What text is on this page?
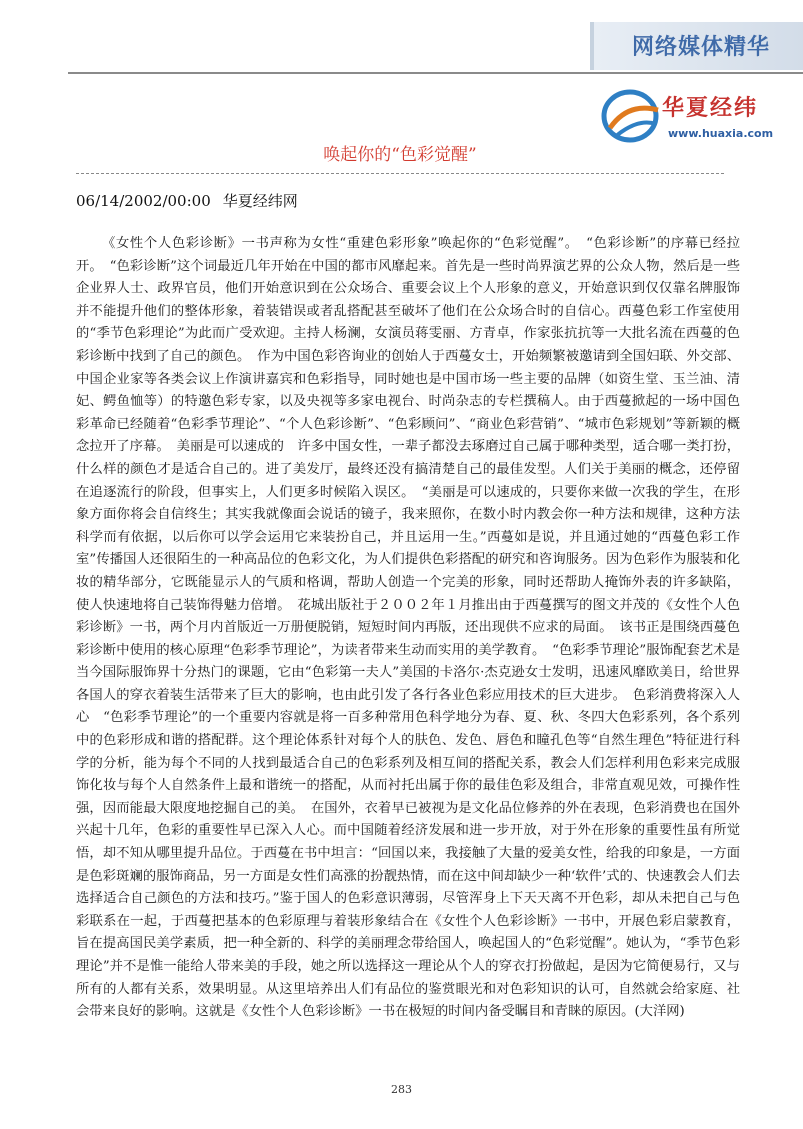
网络媒体精华
华夏经纬
www.huaxia.com
唤起你的“色彩觉醒”
06/14/2002/00:00 华夏经纬网
《女性个人色彩诊断》一书声称为女性“重建色彩形象”唤起你的“色彩觉醒”。　“色彩诊断”的序幕已经拉开。　“色彩诊断”这个词最近几年开始在中国的都市风靡起来。首先是一些时尚界演艺界的公众人物，然后是一些企业界人士、政界官员，他们开始意识到在公众场合、重要会议上个人形象的意义，开始意识到仅仅靠名牌服饰并不能提升他们的整体形象，着装错误或者乱搭配甚至破坏了他们在公众场合时的自信心。西蔓色彩工作室使用的“季节色彩理论”为此而广受欢迎。主持人杨澜，女演员蒋雯丽、方青卓，作家张抗抗等一大批名流在西蔓的色彩诊断中找到了自己的颜色。　作为中国色彩咨询业的创始人于西蔓女士，开始频繁被邀请到全国妇联、外交部、中国企业家等各类会议上作演讲嘉宾和色彩指导，同时她也是中国市场一些主要的品牌（如资生堂、玉兰油、清妃、鳄鱼恤等）的特邀色彩专家，以及央视等多家电视台、时尚杂志的专栏撰稿人。由于西蔓掀起的一场中国色彩革命已经随着“色彩季节理论”、“个人色彩诊断”、“色彩顾问”、“商业色彩营销”、“城市色彩规划”等新颖的概念拉开了序幕。　美丽是可以速成的　许多中国女性，一辈子都没去琢磨过自己属于哪种类型，适合哪一类打扮，什么样的颜色才是适合自己的。进了美发厅，最终还没有搞清楚自己的最佳发型。人们关于美丽的概念，还停留在追逐流行的阶段，但事实上，人们更多时候陷入误区。　“美丽是可以速成的，只要你来做一次我的学生，在形象方面你将会自信终生；其实我就像面会说话的镜子，我来照你，在数小时内教会你一种方法和规律，这种方法科学而有依据，以后你可以学会运用它来装扮自己，并且运用一生。”西蔓如是说，并且通过她的“西蔓色彩工作室”传播国人还很陌生的一种高品位的色彩文化，为人们提供色彩搭配的研究和咨询服务。因为色彩作为服装和化妆的精华部分，它既能显示人的气质和格调，帮助人创造一个完美的形象，同时还帮助人掩饰外表的许多缺陷，使人快速地将自己装饰得魅力倍增。　花城出版社于２００２年１月推出由于西蔓撰写的图文并茂的《女性个人色彩诊断》一书，两个月内首版近一万册便脱销，短短时间内再版，还出现供不应求的局面。　该书正是围绕西蔓色彩诊断中使用的核心原理“色彩季节理论”，为读者带来生动而实用的美学教育。　“色彩季节理论”服饰配套艺术是当今国际服饰界十分热门的课题，它由“色彩第一夫人”美国的卡洛尔·杰克逊女士发明，迅速风靡欧美日，给世界各国人的穿衣着装生活带来了巨大的影响，也由此引发了各行各业色彩应用技术的巨大进步。　色彩消费将深入人心　“色彩季节理论”的一个重要内容就是将一百多种常用色科学地分为春、夏、秋、冬四大色彩系列，各个系列中的色彩形成和谐的搭配群。这个理论体系针对每个人的肤色、发色、唇色和瞳孔色等“自然生理色”特征进行科学的分析，能为每个不同的人找到最适合自己的色彩系列及相互间的搭配关系，教会人们怎样利用色彩来完成服饰化妆与每个人自然条件上最和谐统一的搭配，从而衬托出属于你的最佳色彩及组合，非常直观见效，可操作性强，因而能最大限度地挖掘自己的美。　在国外，衣着早已被视为是文化品位修养的外在表现，色彩消费也在国外兴起十几年，色彩的重要性早已深入人心。而中国随着经济发展和进一步开放，对于外在形象的重要性虽有所觉悟，却不知从哪里提升品位。于西蔓在书中坦言：“回国以来，我接触了大量的爱美女性，给我的印象是，一方面是色彩斑斓的服饰商品，另一方面是女性们高涨的扮靓热情，而在这中间却缺少一种‘软件’式的、快速教会人们去选择适合自己颜色的方法和技巧。”鉴于国人的色彩意识薄弱，尽管浑身上下天天离不开色彩，却从未把自己与色彩联系在一起，于西蔓把基本的色彩原理与着装形象结合在《女性个人色彩诊断》一书中，开展色彩启蒙教育，旨在提高国民美学素质，把一种全新的、科学的美丽理念带给国人，唤起国人的“色彩觉醒”。她认为，“季节色彩理论”并不是惟一能给人带来美的手段，她之所以选择这一理论从个人的穿衣打扮做起，是因为它简便易行，又与所有的人都有关系，效果明显。从这里培养出人们有品位的鉴赏眼光和对色彩知识的认可，自然就会给家庭、社会带来良好的影响。这就是《女性个人色彩诊断》一书在极短的时间内备受瞩目和青睐的原因。(大洋网)
283
